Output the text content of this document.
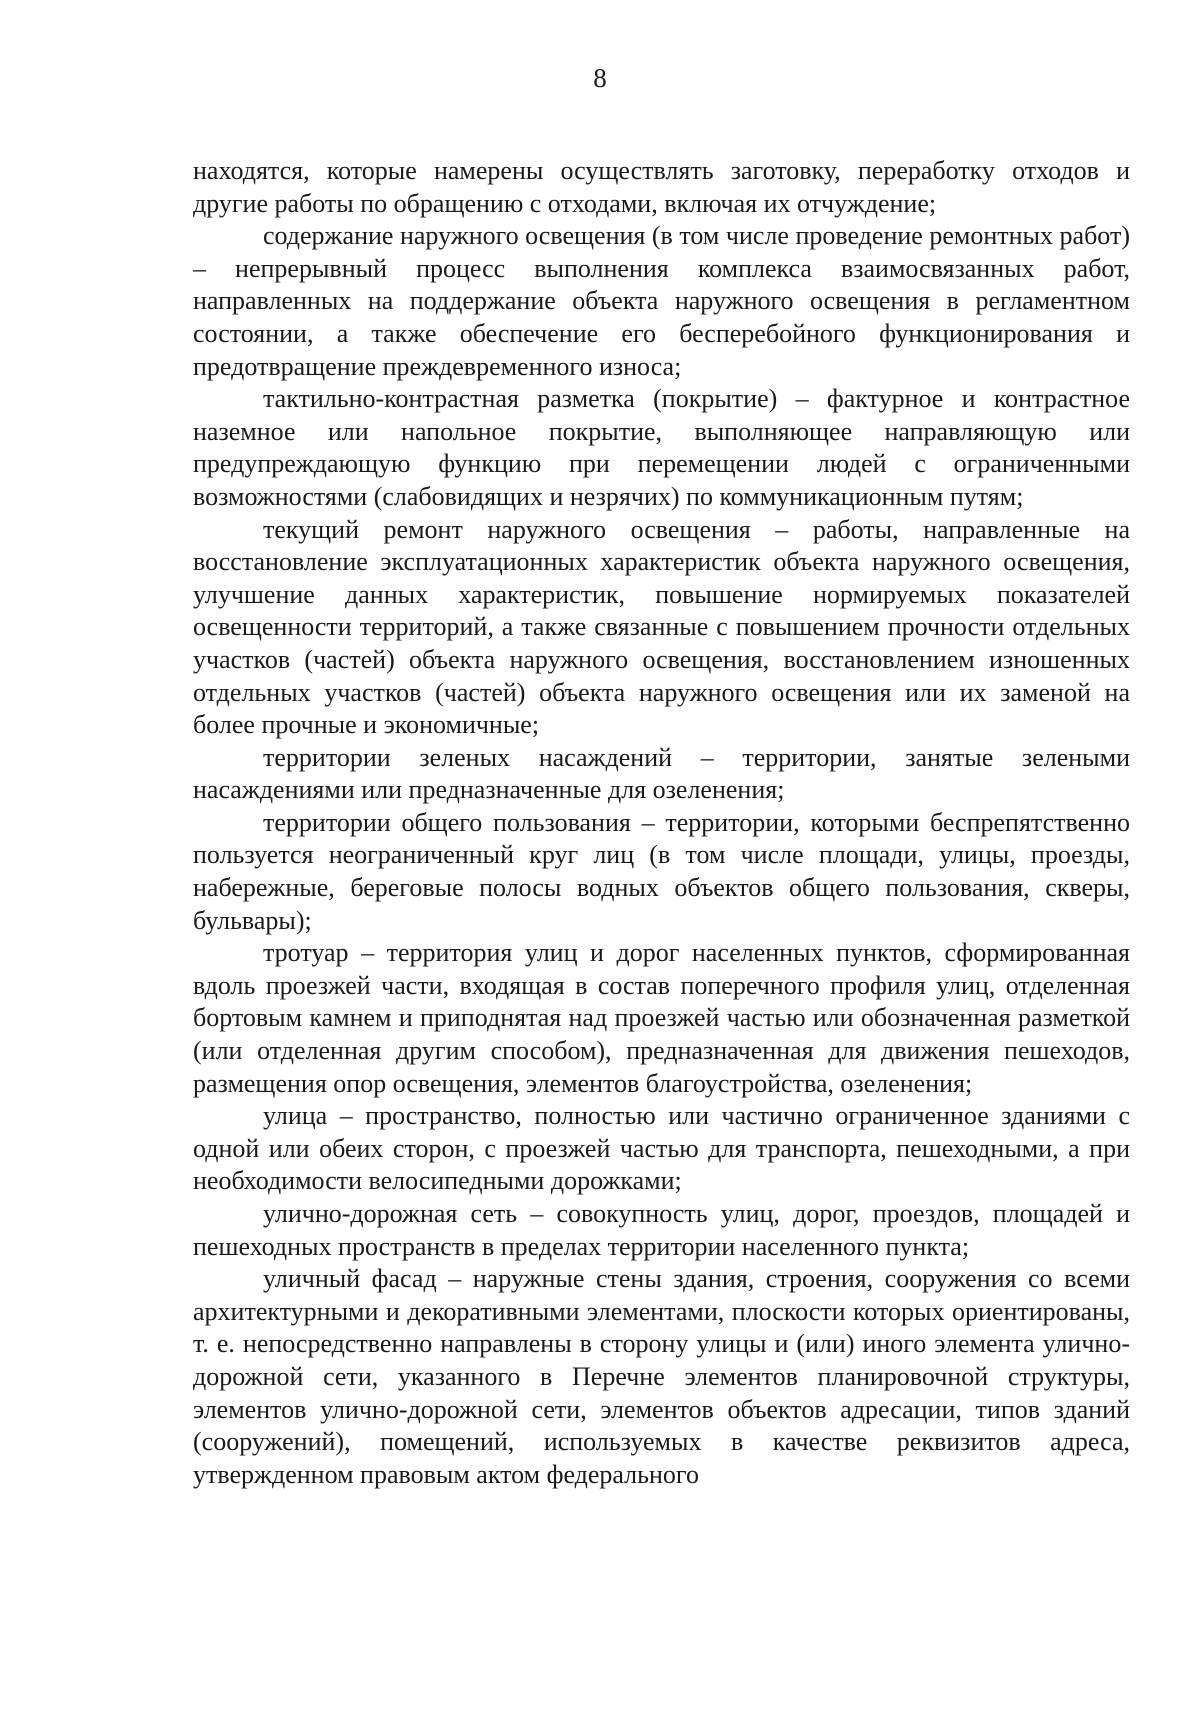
8

находятся, которые намерены осуществлять заготовку, переработку отходов и другие работы по обращению с отходами, включая их отчуждение;

содержание наружного освещения (в том числе проведение ремонтных работ) – непрерывный процесс выполнения комплекса взаимосвязанных работ, направленных на поддержание объекта наружного освещения в регламентном состоянии, а также обеспечение его бесперебойного функционирования и предотвращение преждевременного износа;

тактильно-контрастная разметка (покрытие) – фактурное и контрастное наземное или напольное покрытие, выполняющее направляющую или предупреждающую функцию при перемещении людей с ограниченными возможностями (слабовидящих и незрячих) по коммуникационным путям;

текущий ремонт наружного освещения – работы, направленные на восстановление эксплуатационных характеристик объекта наружного освещения, улучшение данных характеристик, повышение нормируемых показателей освещенности территорий, а также связанные с повышением прочности отдельных участков (частей) объекта наружного освещения, восстановлением изношенных отдельных участков (частей) объекта наружного освещения или их заменой на более прочные и экономичные;

территории зеленых насаждений – территории, занятые зелеными насаждениями или предназначенные для озеленения;

территории общего пользования – территории, которыми беспрепятственно пользуется неограниченный круг лиц (в том числе площади, улицы, проезды, набережные, береговые полосы водных объектов общего пользования, скверы, бульвары);

тротуар – территория улиц и дорог населенных пунктов, сформированная вдоль проезжей части, входящая в состав поперечного профиля улиц, отделенная бортовым камнем и приподнятая над проезжей частью или обозначенная разметкой (или отделенная другим способом), предназначенная для движения пешеходов, размещения опор освещения, элементов благоустройства, озеленения;

улица – пространство, полностью или частично ограниченное зданиями с одной или обеих сторон, с проезжей частью для транспорта, пешеходными, а при необходимости велосипедными дорожками;

улично-дорожная сеть – совокупность улиц, дорог, проездов, площадей и пешеходных пространств в пределах территории населенного пункта;

уличный фасад – наружные стены здания, строения, сооружения со всеми архитектурными и декоративными элементами, плоскости которых ориентированы, т. е. непосредственно направлены в сторону улицы и (или) иного элемента улично-дорожной сети, указанного в Перечне элементов планировочной структуры, элементов улично-дорожной сети, элементов объектов адресации, типов зданий (сооружений), помещений, используемых в качестве реквизитов адреса, утвержденном правовым актом федерального
